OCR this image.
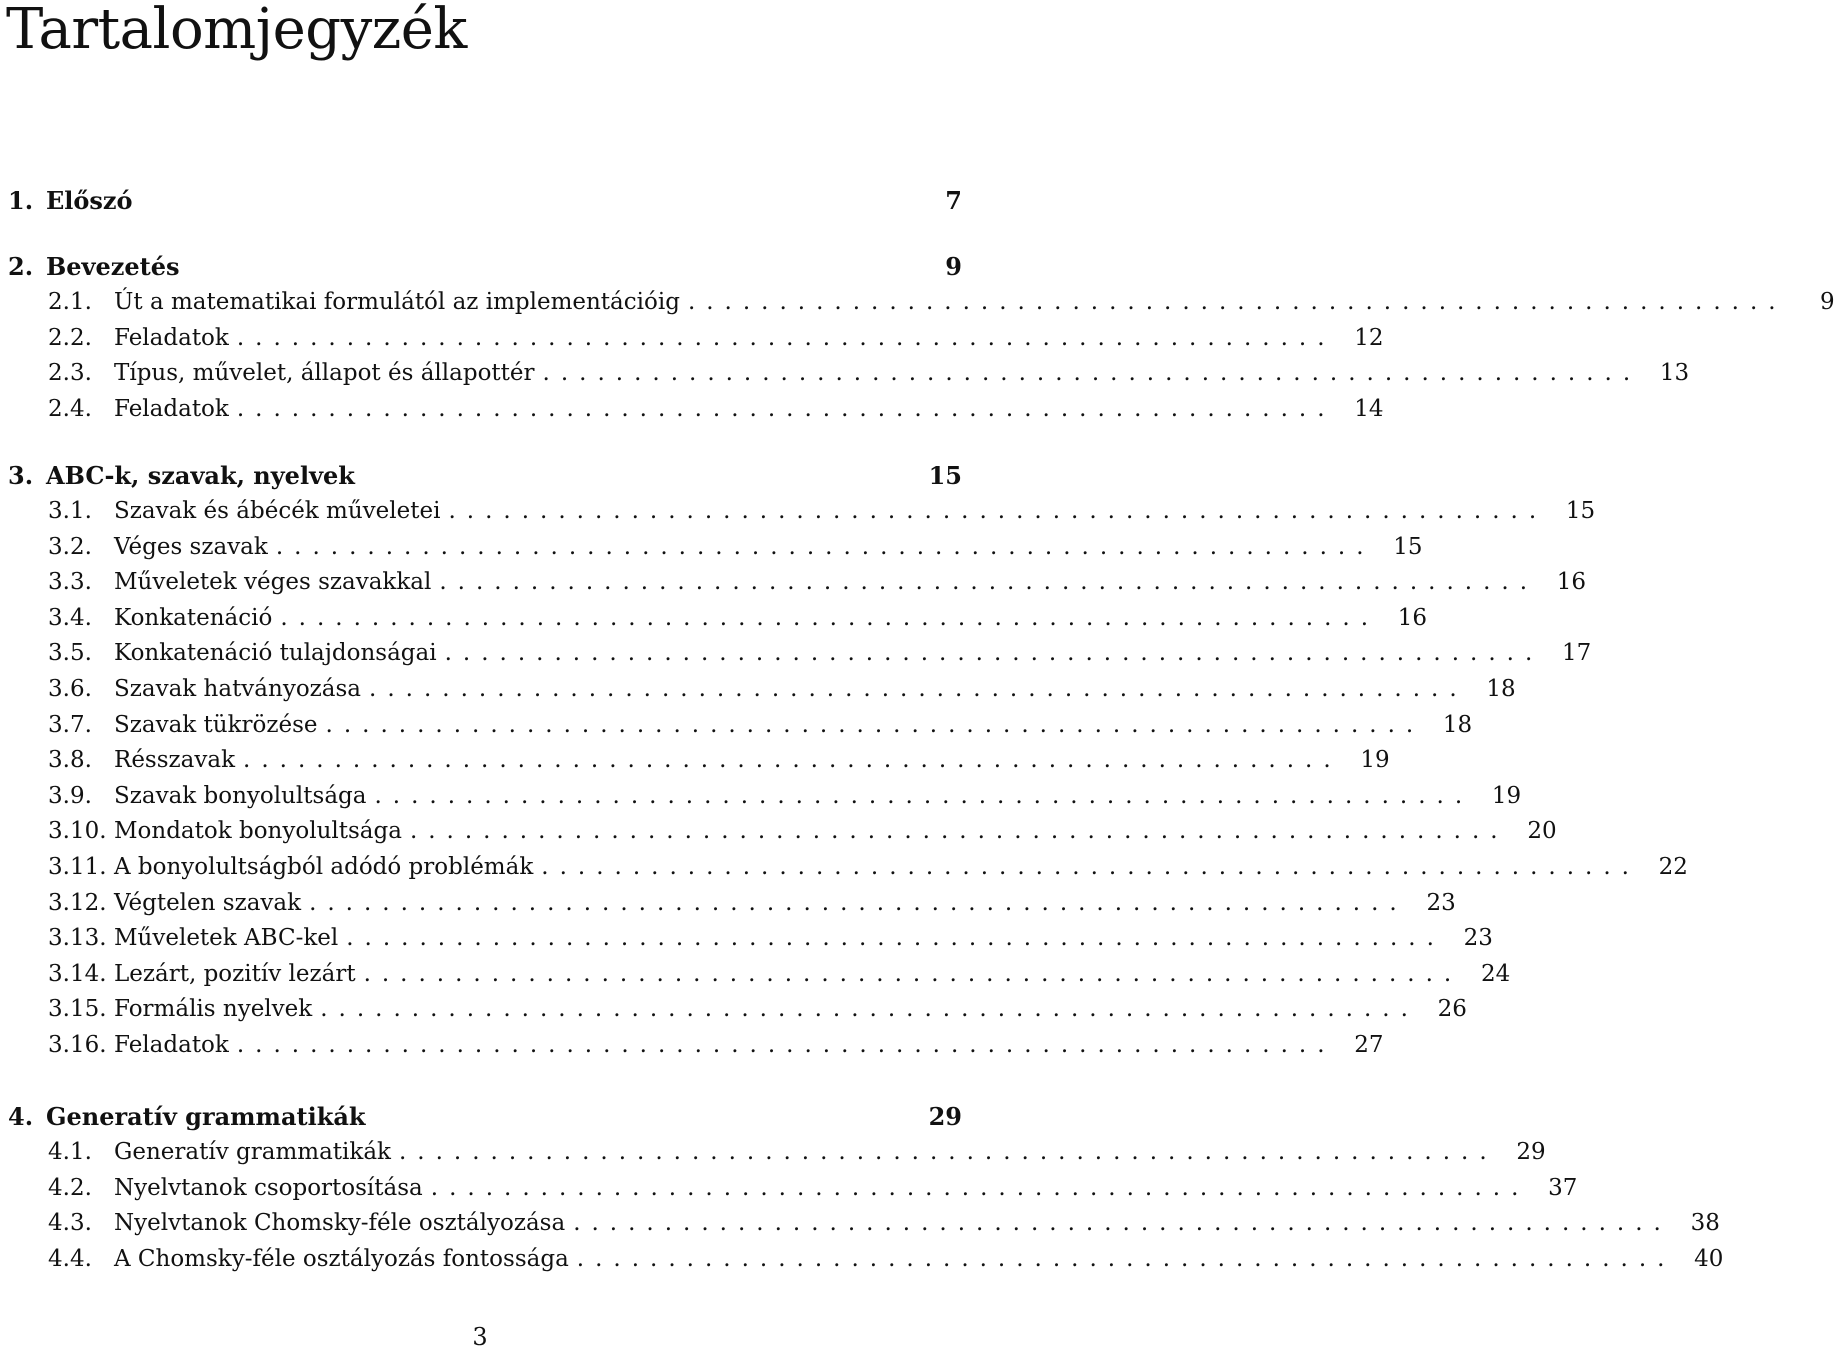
Tartalomjegyzék
1. Előszó	7
2. Bevezetés	9
2.1. Út a matematikai formulától az implementációig ............................................................	9
2.2. Feladatok ............................................................ 12
2.3. Típus, művelet, állapot és állapottér ............................................................ 13
2.4. Feladatok ............................................................ 14
3. ABC-k, szavak, nyelvek	15
3.1. Szavak és ábécék műveletei ............................................................ 15
3.2. Véges szavak ............................................................ 15
3.3. Műveletek véges szavakkal ............................................................ 16
3.4. Konkatenáció ............................................................ 16
3.5. Konkatenáció tulajdonságai ............................................................ 17
3.6. Szavak hatványozása ............................................................ 18
3.7. Szavak tükrözése ............................................................ 18
3.8. Résszavak ............................................................ 19
3.9. Szavak bonyolultsága ............................................................ 19
3.10. Mondatok bonyolultsága ............................................................ 20
3.11. A bonyolultságból adódó problémák ............................................................ 22
3.12. Végtelen szavak ............................................................ 23
3.13. Műveletek ABC-kel ............................................................ 23
3.14. Lezárt, pozitív lezárt ............................................................ 24
3.15. Formális nyelvek ............................................................ 26
3.16. Feladatok ............................................................ 27
4. Generatív grammatikák	29
4.1. Generatív grammatikák ............................................................ 29
4.2. Nyelvtanok csoportosítása ............................................................ 37
4.3. Nyelvtanok Chomsky-féle osztályozása ............................................................ 38
4.4. A Chomsky-féle osztályozás fontossága ............................................................ 40
3
